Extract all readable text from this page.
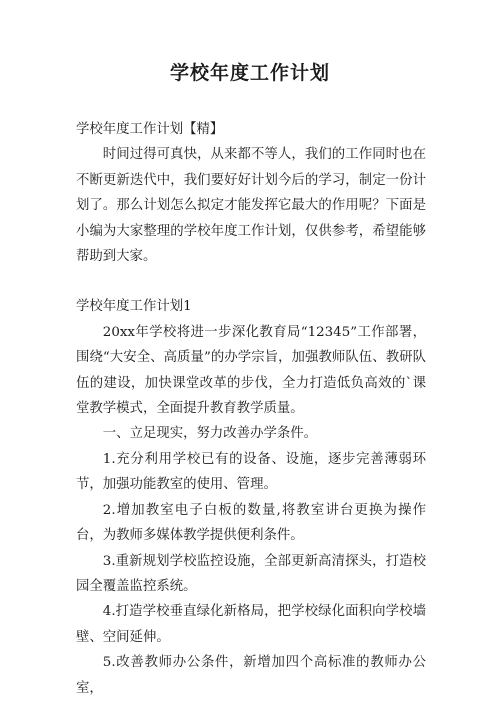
学校年度工作计划

学校年度工作计划【精】

时间过得可真快，从来都不等人，我们的工作同时也在不断更新迭代中，我们要好好计划今后的学习，制定一份计划了。那么计划怎么拟定才能发挥它最大的作用呢？下面是小编为大家整理的学校年度工作计划，仅供参考，希望能够帮助到大家。

学校年度工作计划1

20xx年学校将进一步深化教育局“12345”工作部署，围绕“大安全、高质量”的办学宗旨，加强教师队伍、教研队伍的建设，加快课堂改革的步伐，全力打造低负高效的`课堂教学模式，全面提升教育教学质量。

一、立足现实，努力改善办学条件。

1.充分利用学校已有的设备、设施，逐步完善薄弱环节，加强功能教室的使用、管理。

2.增加教室电子白板的数量,将教室讲台更换为操作台，为教师多媒体教学提供便利条件。

3.重新规划学校监控设施，全部更新高清探头，打造校园全覆盖监控系统。

4.打造学校垂直绿化新格局，把学校绿化面积向学校墙壁、空间延伸。

5.改善教师办公条件，新增加四个高标准的教师办公室，
